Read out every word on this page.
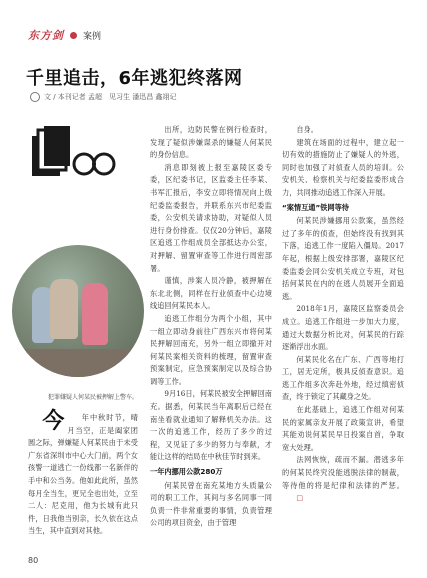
东方剑 案例
千里追击，6年逃犯终落网
文 / 本刊记者 孟超　见习生 潘迅昌 鑫翊记
犯罪嫌疑人何某民被押解上警车。

今 年中秋时节，晴月当空，正是阖家团圆之际，弹嫌疑人何某民由于未受广东省深圳市中心大门前，两个女孩警一道逃亡一份线都一名新伴的手中和公当务。他如此此所，虽然每月全当生，更兄全也出处，立至二人：尼克用，他为长城有此只件，日我他当别亲，长久依在这点当生，其中直到对其他。

出所，边防民警在例行检查时，发现了疑似涉嫌谋杀的嫌疑人何某民的身份信息。

消息即刻被上报至嘉陵区委专委，区纪委书记，区监委主任李某、书军汇报后，李安立即将情况向上级纪委监委报告，并联系东兴市纪委监委，公安机关请求协助，对疑似人员进行身份排查。仅仅20分钟后，嘉陵区追逃工作组成员全部抵达办公室，对押解、留置审查等工作进行周密部署。

谨慎，涉案人员冷静，被押解在东北北侧，同样在行业侦查中心边境线追回何某民本人。

追逃工作组分为两个小组，其中一组立即动身前往广西东兴市将何某民押解回南充，另外一组立即撤开对何某民案相关资料的梳理，留置审查预案制定，应急预案制定以及综合协调等工作。

9月16日，何某民被安全押解回南充。据悉，何某民当年离职后已经在南坐看就业通知了解释机关办法。这一次的追逃工作，经历了多少的过程，又见证了多少的努力与奉献，才能让这样的结局在中秋佳节时到来。

一年内挪用公款280万

何某民曾在南充某地方头质量公司的职工工作，其间与多名同事一同负责一件非常重要的事情，负责管理公司的项目资金，由于管理

自身。

建筑在场面的过程中，建立起一切有效的措施防止了嫌疑人的外逃，同时也加强了对侦查人员的培训。公安机关、检察机关与纪委监委形成合力，共同推动追逃工作深入开展。

“案情互通”铁网等待

何某民涉嫌挪用公款案，虽然经过了多年的侦查，但始终没有找到其下落，追逃工作一度陷入僵局。2017年起，根据上级安排部署，嘉陵区纪委监委会同公安机关成立专班，对包括何某民在内的在逃人员展开全面追逃。

2018年1月，嘉陵区监察委员会成立。追逃工作组进一步加大力度，通过大数据分析比对，何某民的行踪逐渐浮出水面。

何某民化名在广东、广西等地打工，居无定所，极具反侦查意识。追逃工作组多次奔赴外地，经过缜密侦查，终于锁定了其藏身之处。

在此基础上，追逃工作组对何某民的家属亲友开展了政策宣讲，希望其能劝说何某民早日投案自首，争取宽大处理。

法网恢恢，疏而不漏。潜逃多年的何某民终究没能逃脱法律的制裁，等待他的将是纪律和法律的严惩。□

80
